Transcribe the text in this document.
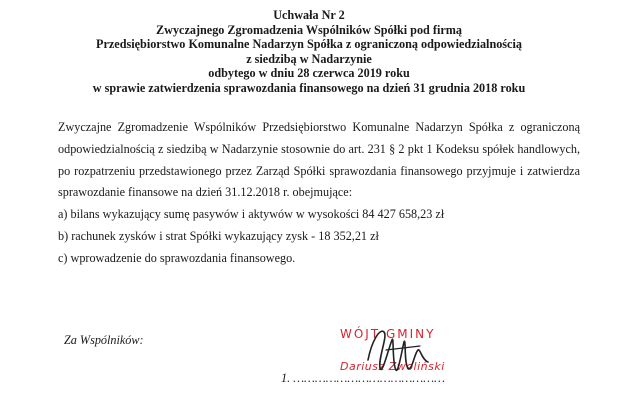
Uchwała Nr 2
Zwyczajnego Zgromadzenia Wspólników Spółki pod firmą
Przedsiębiorstwo Komunalne Nadarzyn Spółka z ograniczoną odpowiedzialnością
z siedzibą w Nadarzynie
odbytego w dniu 28 czerwca 2019 roku
w sprawie zatwierdzenia sprawozdania finansowego na dzień 31 grudnia 2018 roku

Zwyczajne Zgromadzenie Wspólników Przedsiębiorstwo Komunalne Nadarzyn Spółka z ograniczoną odpowiedzialnością z siedzibą w Nadarzynie stosownie do art. 231 § 2 pkt 1 Kodeksu spółek handlowych, po rozpatrzeniu przedstawionego przez Zarząd Spółki sprawozdania finansowego przyjmuje i zatwierdza sprawozdanie finansowe na dzień 31.12.2018 r. obejmujące:

a) bilans wykazujący sumę pasywów i aktywów w wysokości 84 427 658,23 zł

b) rachunek zysków i strat Spółki wykazujący zysk - 18 352,21 zł

c) wprowadzenie do sprawozdania finansowego.

Za Wspólników:	WÓJT GMINY
Dariusz Zwoliński
1. ……………………………………
